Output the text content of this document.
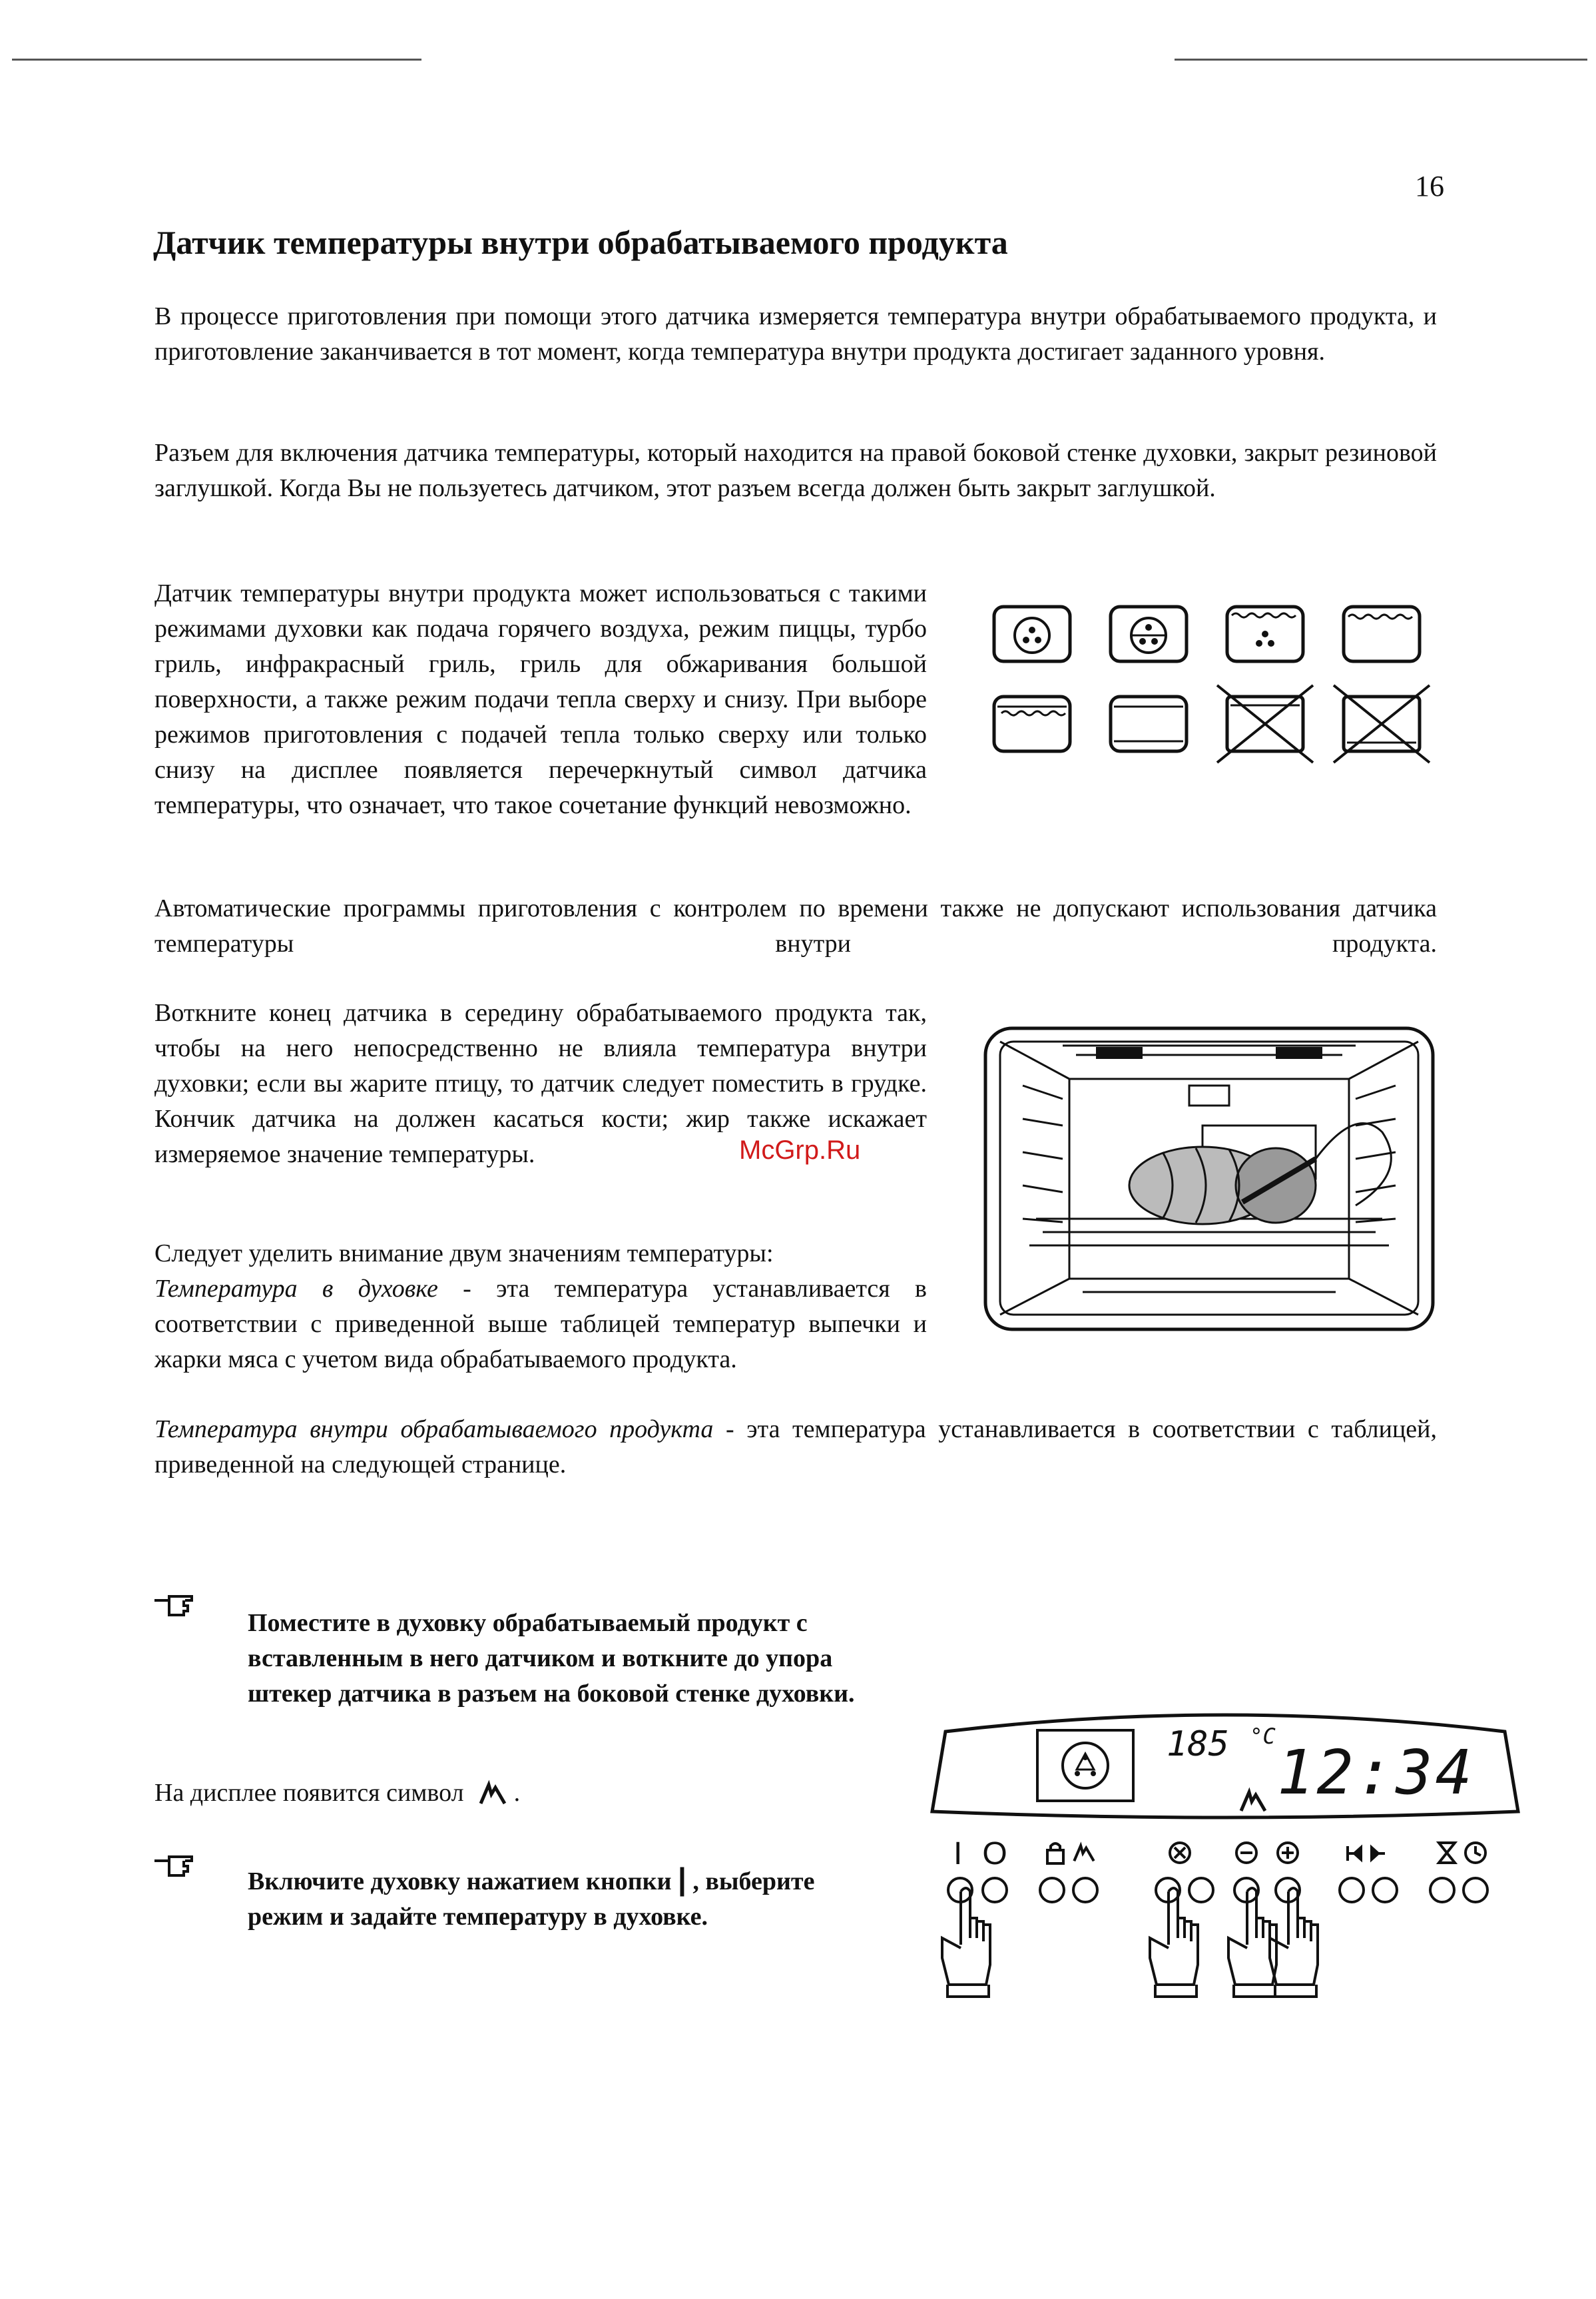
16
Датчик температуры внутри обрабатываемого продукта

В процессе приготовления при помощи этого датчика измеряется температура внутри обрабатываемого продукта, и приготовление заканчивается в тот момент, когда температура внутри продукта достигает заданного уровня.

Разъем для включения датчика температуры, который находится на правой боковой стенке духовки, закрыт резиновой заглушкой. Когда Вы не пользуетесь датчиком, этот разъем всегда должен быть закрыт заглушкой.

Датчик температуры внутри продукта может использоваться с такими режимами духовки как подача горячего воздуха, режим пиццы, турбо гриль, инфракрасный гриль, гриль для обжаривания большой поверхности, а также режим подачи тепла сверху и снизу. При выборе режимов приготовления с подачей тепла только сверху или только снизу на дисплее появляется перечеркнутый символ датчика температуры, что означает, что такое сочетание функций невозможно.

Автоматические программы приготовления с контролем по времени также не допускают использования датчика температуры внутри продукта.

Воткните конец датчика в середину обрабатываемого продукта так, чтобы на него непосредственно не влияла температура внутри духовки; если вы жарите птицу, то датчик следует поместить в грудке. Кончик датчика на должен касаться кости; жир также искажает измеряемое значение температуры.	McGrp.Ru

Следует уделить внимание двум значениям температуры:

Температура в духовке - эта температура устанавливается в соответствии с приведенной выше таблицей температур выпечки и жарки мяса с учетом вида обрабатываемого продукта.

Температура внутри обрабатываемого продукта - эта температура устанавливается в соответствии с таблицей, приведенной на следующей странице.

Поместите в духовку обрабатываемый продукт с вставленным в него датчиком и воткните до упора штекер датчика в разъем на боковой стенке духовки.

На дисплее появится символ .

Включите духовку нажатием кнопки | , выберите режим и задайте температуру в духовке.

185 $^{^\circ C}$
12:34
I O
